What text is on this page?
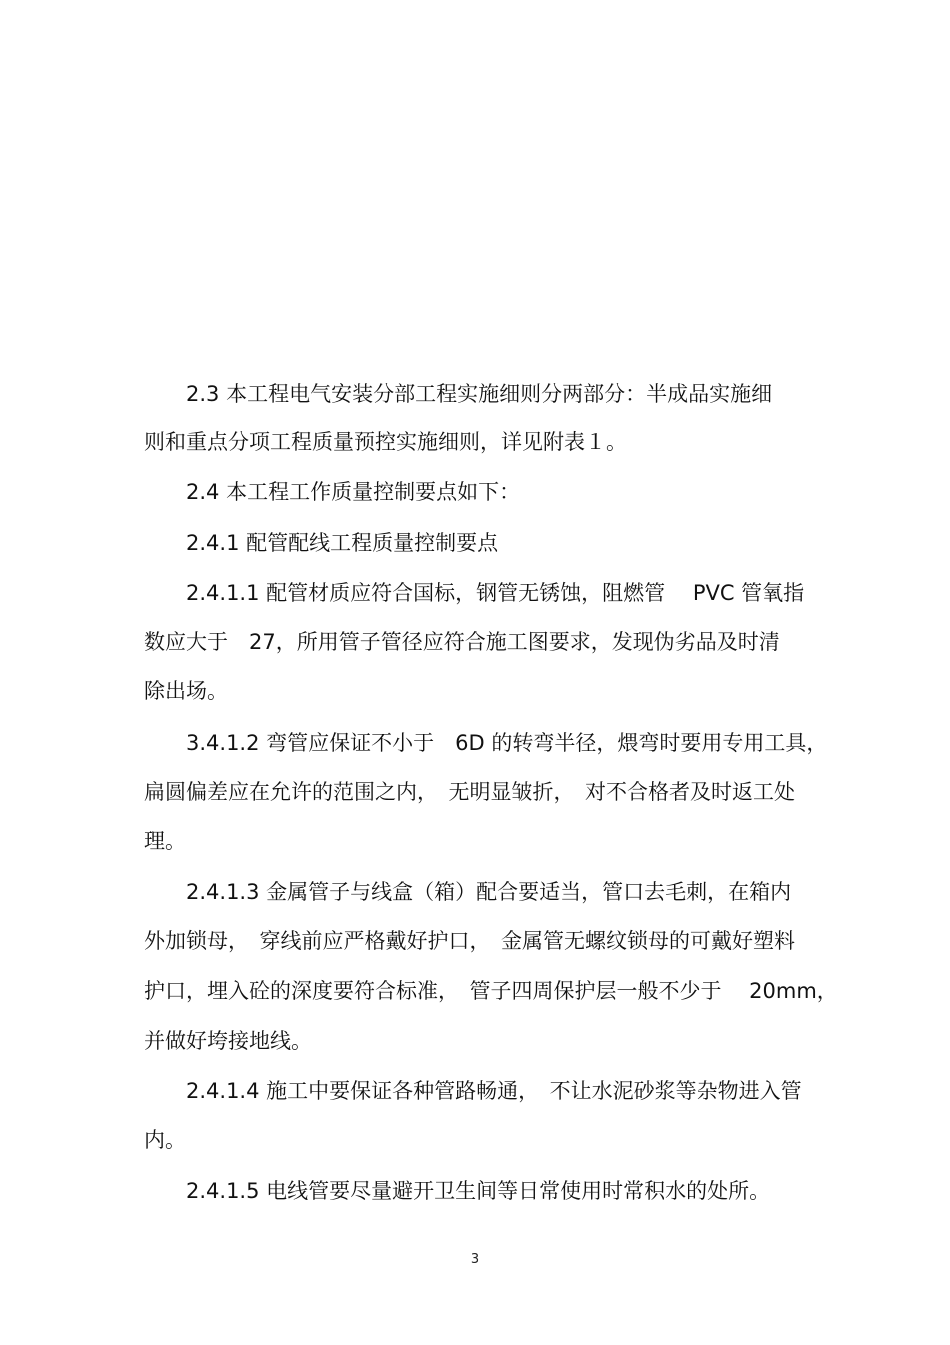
2.3 本工程电气安装分部工程实施细则分两部分：半成品实施细
则和重点分项工程质量预控实施细则，详见附表１。
2.4 本工程工作质量控制要点如下：
2.4.1 配管配线工程质量控制要点
2.4.1.1 配管材质应符合国标，钢管无锈蚀，阻燃管　 PVC 管氧指
数应大于　27，所用管子管径应符合施工图要求，发现伪劣品及时清
除出场。
3.4.1.2 弯管应保证不小于　6D 的转弯半径，煨弯时要用专用工具，
扁圆偏差应在允许的范围之内，　无明显皱折，　对不合格者及时返工处
理。
2.4.1.3 金属管子与线盒（箱）配合要适当，管口去毛刺，在箱内
外加锁母，　穿线前应严格戴好护口，　金属管无螺纹锁母的可戴好塑料
护口，埋入砼的深度要符合标准，　管子四周保护层一般不少于　 20mm，
并做好垮接地线。
2.4.1.4 施工中要保证各种管路畅通，　不让水泥砂浆等杂物进入管
内。
2.4.1.5 电线管要尽量避开卫生间等日常使用时常积水的处所。
3
